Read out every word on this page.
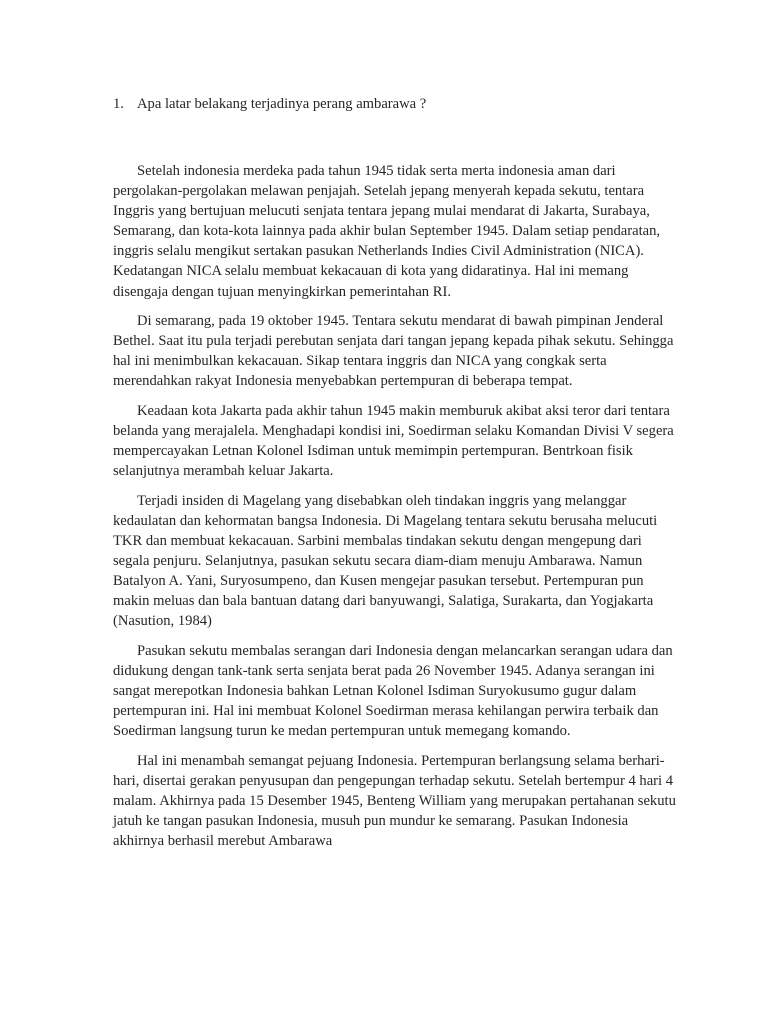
1. Apa latar belakang terjadinya perang ambarawa ?

Setelah indonesia merdeka pada tahun 1945 tidak serta merta indonesia aman dari pergolakan-pergolakan melawan penjajah. Setelah jepang menyerah kepada sekutu, tentara Inggris yang bertujuan melucuti senjata tentara jepang mulai mendarat di Jakarta, Surabaya, Semarang, dan kota-kota lainnya pada akhir bulan September 1945. Dalam setiap pendaratan, inggris selalu mengikut sertakan pasukan Netherlands Indies Civil Administration (NICA). Kedatangan NICA selalu membuat kekacauan di kota yang didaratinya. Hal ini memang disengaja dengan tujuan menyingkirkan pemerintahan RI.

Di semarang, pada 19 oktober 1945. Tentara sekutu mendarat di bawah pimpinan Jenderal Bethel. Saat itu pula terjadi perebutan senjata dari tangan jepang kepada pihak sekutu. Sehingga hal ini menimbulkan kekacauan. Sikap tentara inggris dan NICA yang congkak serta merendahkan rakyat Indonesia menyebabkan pertempuran di beberapa tempat.

Keadaan kota Jakarta pada akhir tahun 1945 makin memburuk akibat aksi teror dari tentara belanda yang merajalela. Menghadapi kondisi ini, Soedirman selaku Komandan Divisi V segera mempercayakan Letnan Kolonel Isdiman untuk memimpin pertempuran. Bentrkoan fisik selanjutnya merambah keluar Jakarta.

Terjadi insiden di Magelang yang disebabkan oleh tindakan inggris yang melanggar kedaulatan dan kehormatan bangsa Indonesia. Di Magelang tentara sekutu berusaha melucuti TKR dan membuat kekacauan. Sarbini membalas tindakan sekutu dengan mengepung dari segala penjuru. Selanjutnya, pasukan sekutu secara diam-diam menuju Ambarawa. Namun Batalyon A. Yani, Suryosumpeno, dan Kusen mengejar pasukan tersebut. Pertempuran pun makin meluas dan bala bantuan datang dari banyuwangi, Salatiga, Surakarta, dan Yogjakarta (Nasution, 1984)

Pasukan sekutu membalas serangan dari Indonesia dengan melancarkan serangan udara dan didukung dengan tank-tank serta senjata berat pada 26 November 1945. Adanya serangan ini sangat merepotkan Indonesia bahkan Letnan Kolonel Isdiman Suryokusumo gugur dalam pertempuran ini. Hal ini membuat Kolonel Soedirman merasa kehilangan perwira terbaik dan Soedirman langsung turun ke medan pertempuran untuk memegang komando.

Hal ini menambah semangat pejuang Indonesia. Pertempuran berlangsung selama berhari-hari, disertai gerakan penyusupan dan pengepungan terhadap sekutu. Setelah bertempur 4 hari 4 malam. Akhirnya pada 15 Desember 1945, Benteng William yang merupakan pertahanan sekutu jatuh ke tangan pasukan Indonesia, musuh pun mundur ke semarang. Pasukan Indonesia akhirnya berhasil merebut Ambarawa
